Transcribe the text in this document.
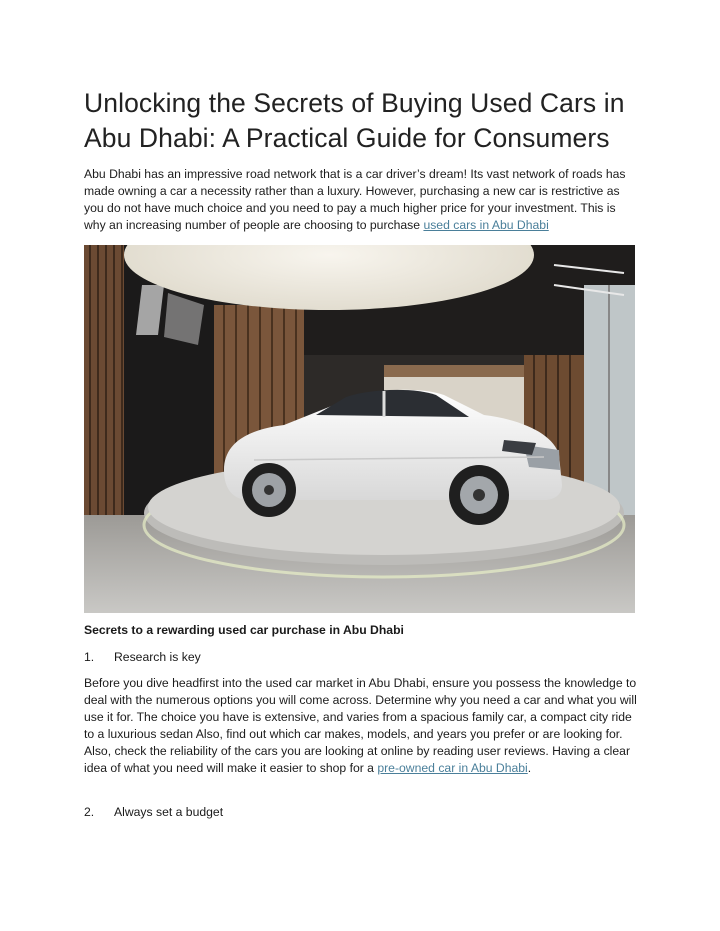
Unlocking the Secrets of Buying Used Cars in Abu Dhabi: A Practical Guide for Consumers

Abu Dhabi has an impressive road network that is a car driver’s dream! Its vast network of roads has made owning a car a necessity rather than a luxury. However, purchasing a new car is restrictive as you do not have much choice and you need to pay a much higher price for your investment. This is why an increasing number of people are choosing to purchase used cars in Abu Dhabi

Secrets to a rewarding used car purchase in Abu Dhabi

1. Research is key

Before you dive headfirst into the used car market in Abu Dhabi, ensure you possess the knowledge to deal with the numerous options you will come across. Determine why you need a car and what you will use it for. The choice you have is extensive, and varies from a spacious family car, a compact city ride to a luxurious sedan Also, find out which car makes, models, and years you prefer or are looking for. Also, check the reliability of the cars you are looking at online by reading user reviews. Having a clear idea of what you need will make it easier to shop for a pre-owned car in Abu Dhabi.

2. Always set a budget
